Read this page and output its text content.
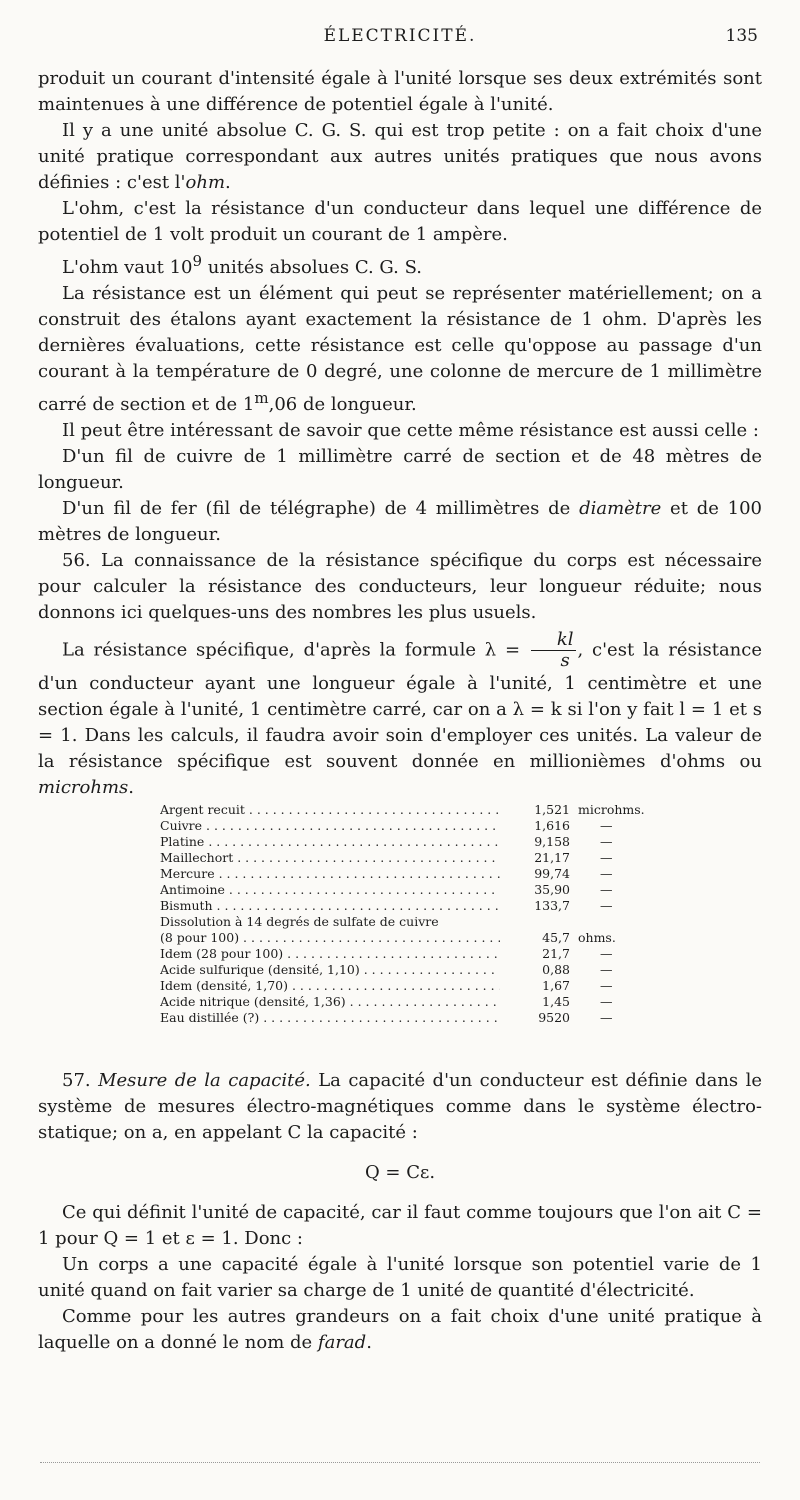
ÉLECTRICITÉ.	135

produit un courant d'intensité égale à l'unité lorsque ses deux extrémités sont maintenues à une différence de potentiel égale à l'unité.

Il y a une unité absolue C. G. S. qui est trop petite : on a fait choix d'une unité pratique correspondant aux autres unités pratiques que nous avons définies : c'est l'ohm.

L'ohm, c'est la résistance d'un conducteur dans lequel une différence de potentiel de 1 volt produit un courant de 1 ampère.

L'ohm vaut $10^9$ unités absolues C. G. S.

La résistance est un élément qui peut se représenter matériellement; on a construit des étalons ayant exactement la résistance de 1 ohm. D'après les dernières évaluations, cette résistance est celle qu'oppose au passage d'un courant à la température de 0 degré, une colonne de mercure de 1 millimètre carré de section et de 1$^m$,06 de longueur.

Il peut être intéressant de savoir que cette même résistance est aussi celle :

D'un fil de cuivre de 1 millimètre carré de section et de 48 mètres de longueur.

D'un fil de fer (fil de télégraphe) de 4 millimètres de diamètre et de 100 mètres de longueur.

56. La connaissance de la résistance spécifique du corps est nécessaire pour calculer la résistance des conducteurs, leur longueur réduite; nous donnons ici quelques-uns des nombres les plus usuels.

La résistance spécifique, d'après la formule $\lambda = \frac{kl}{s}$ , c'est la résistance d'un conducteur ayant une longueur égale à l'unité, 1 centimètre et une section égale à l'unité, 1 centimètre carré, car on a λ = k si l'on y fait l = 1 et s = 1. Dans les calculs, il faudra avoir soin d'employer ces unités. La valeur de la résistance spécifique est souvent donnée en millionièmes d'ohms ou microhms.

Argent recuit . . .	1,521 microhms.
Cuivre . . .	1,616 —
Platine . . .	9,158 —
Maillechort . . .	21,17 —
Mercure . . .	99,74 —
Antimoine . . .	35,90 —
Bismuth . . .	133,7 —
Dissolution à 14 degrés de sulfate de cuivre
(8 pour 100) . . .	45,7 ohms.
Idem (28 pour 100) . . .	21,7 —
Acide sulfurique (densité, 1,10) . . .	0,88 —
Idem (densité, 1,70) . . .	1,67 —
Acide nitrique (densité, 1,36) . . .	1,45 —
Eau distillée (?) . . .	9520 —

57. Mesure de la capacité. La capacité d'un conducteur est définie dans le système de mesures électro-magnétiques comme dans le système électro-statique; on a, en appelant C la capacité :

Q = Cε.

Ce qui définit l'unité de capacité, car il faut comme toujours que l'on ait C = 1 pour Q = 1 et ε = 1. Donc :

Un corps a une capacité égale à l'unité lorsque son potentiel varie de 1 unité quand on fait varier sa charge de 1 unité de quantité d'électricité.

Comme pour les autres grandeurs on a fait choix d'une unité pratique à laquelle on a donné le nom de farad.
